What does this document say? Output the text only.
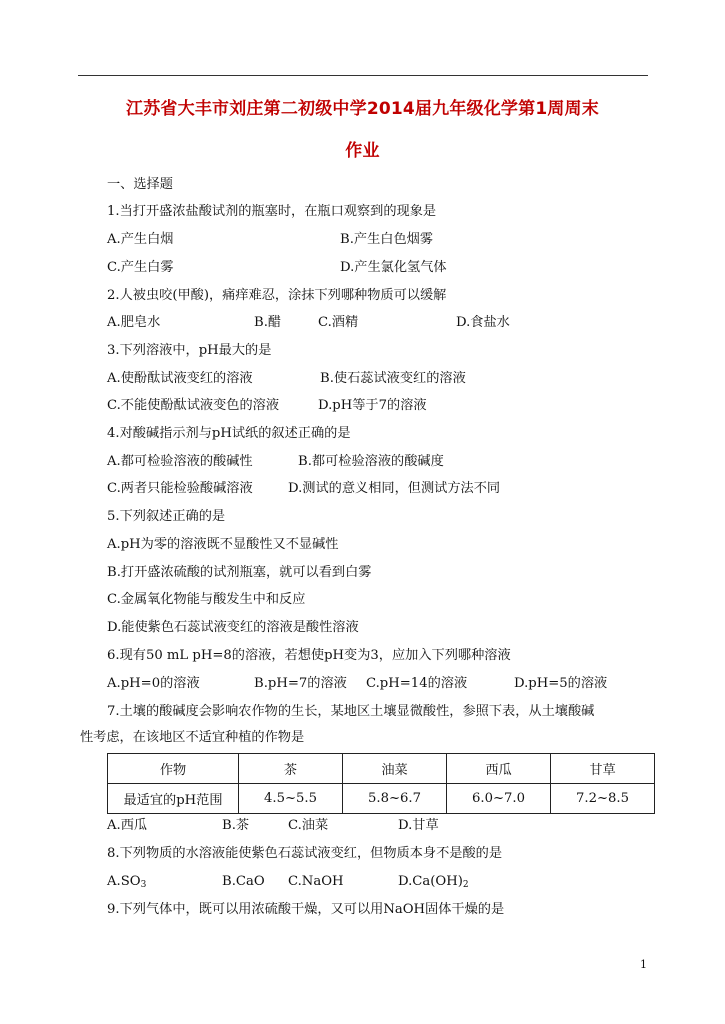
江苏省大丰市刘庄第二初级中学2014届九年级化学第1周周末
作业
一、选择题
1.当打开盛浓盐酸试剂的瓶塞时，在瓶口观察到的现象是
A.产生白烟	B.产生白色烟雾
C.产生白雾	D.产生氯化氢气体
2.人被虫咬(甲酸)，痛痒难忍，涂抹下列哪种物质可以缓解
A.肥皂水	B.醋	C.酒精	D.食盐水
3.下列溶液中，pH最大的是
A.使酚酞试液变红的溶液	B.使石蕊试液变红的溶液
C.不能使酚酞试液变色的溶液	D.pH等于7的溶液
4.对酸碱指示剂与pH试纸的叙述正确的是
A.都可检验溶液的酸碱性	B.都可检验溶液的酸碱度
C.两者只能检验酸碱溶液	D.测试的意义相同，但测试方法不同
5.下列叙述正确的是
A.pH为零的溶液既不显酸性又不显碱性
B.打开盛浓硫酸的试剂瓶塞，就可以看到白雾
C.金属氧化物能与酸发生中和反应
D.能使紫色石蕊试液变红的溶液是酸性溶液
6.现有50 mL pH=8的溶液，若想使pH变为3，应加入下列哪种溶液
A.pH=0的溶液	B.pH=7的溶液 C.pH=14的溶液	D.pH=5的溶液
7.土壤的酸碱度会影响农作物的生长，某地区土壤显微酸性，参照下表，从土壤酸碱
性考虑，在该地区不适宜种植的作物是
作物	茶	油菜	西瓜	甘草
最适宜的pH范围	4.5~5.5	5.8~6.7	6.0~7.0	7.2~8.5
A.西瓜	B.茶	C.油菜	D.甘草
8.下列物质的水溶液能使紫色石蕊试液变红，但物质本身不是酸的是
$A.SO_3$	B.CaO C.NaOH	$D.Ca(OH)_2$
9.下列气体中，既可以用浓硫酸干燥，又可以用NaOH固体干燥的是
1
